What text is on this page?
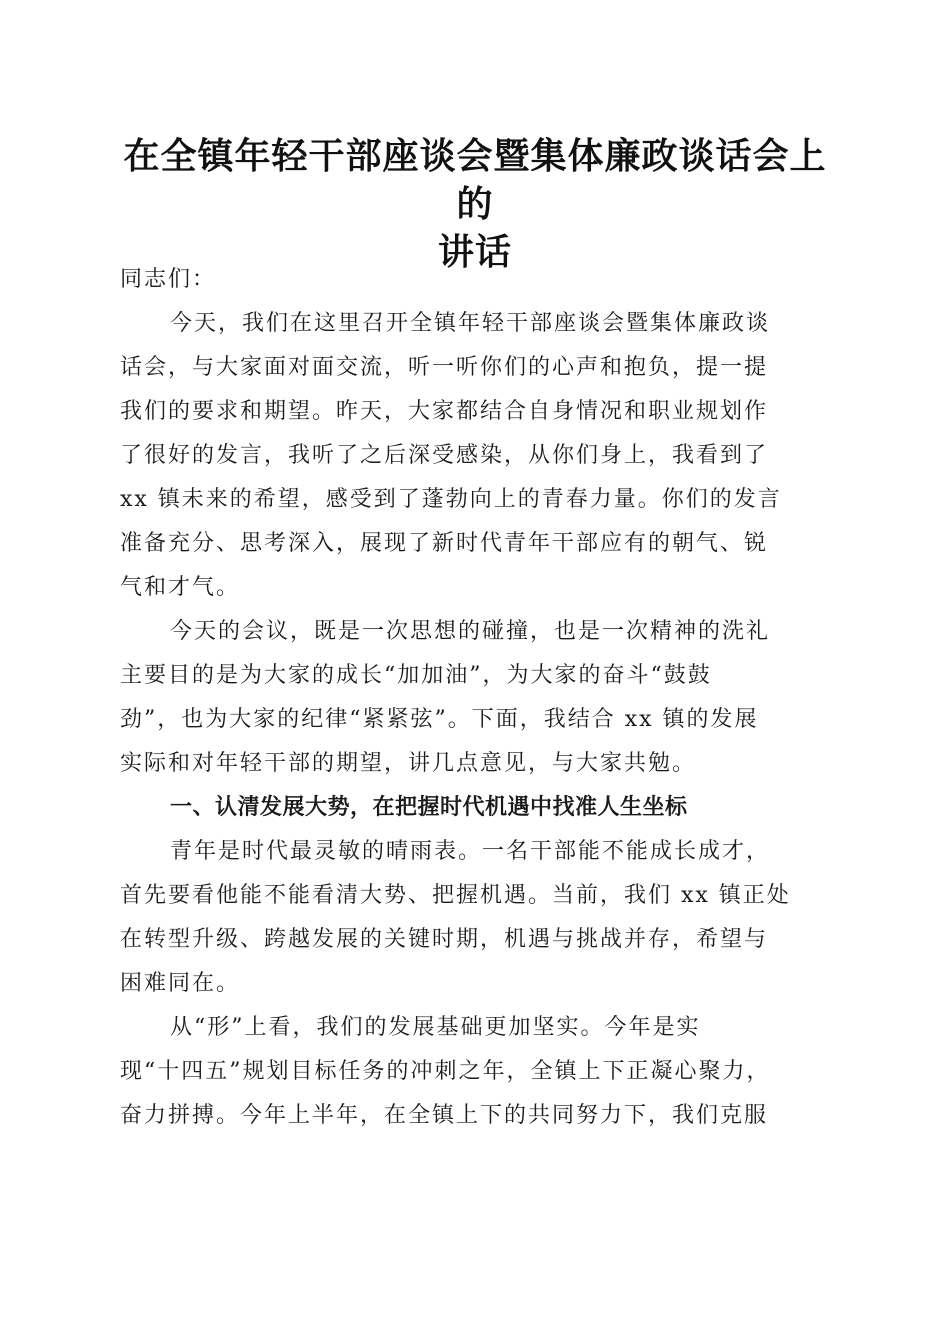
在全镇年轻干部座谈会暨集体廉政谈话会上的
讲话

同志们：

今天，我们在这里召开全镇年轻干部座谈会暨集体廉政谈

话会，与大家面对面交流，听一听你们的心声和抱负，提一提

我们的要求和期望。昨天，大家都结合自身情况和职业规划作

了很好的发言，我听了之后深受感染，从你们身上，我看到了

xx 镇未来的希望，感受到了蓬勃向上的青春力量。你们的发言

准备充分、思考深入，展现了新时代青年干部应有的朝气、锐

气和才气。

今天的会议，既是一次思想的碰撞，也是一次精神的洗礼

主要目的是为大家的成长“加加油”，为大家的奋斗“鼓鼓

劲”，也为大家的纪律“紧紧弦”。下面，我结合 xx 镇的发展

实际和对年轻干部的期望，讲几点意见，与大家共勉。

一、认清发展大势，在把握时代机遇中找准人生坐标

青年是时代最灵敏的晴雨表。一名干部能不能成长成才，

首先要看他能不能看清大势、把握机遇。当前，我们 xx 镇正处

在转型升级、跨越发展的关键时期，机遇与挑战并存，希望与

困难同在。

从“形”上看，我们的发展基础更加坚实。今年是实

现“十四五”规划目标任务的冲刺之年，全镇上下正凝心聚力，

奋力拼搏。今年上半年，在全镇上下的共同努力下，我们克服
